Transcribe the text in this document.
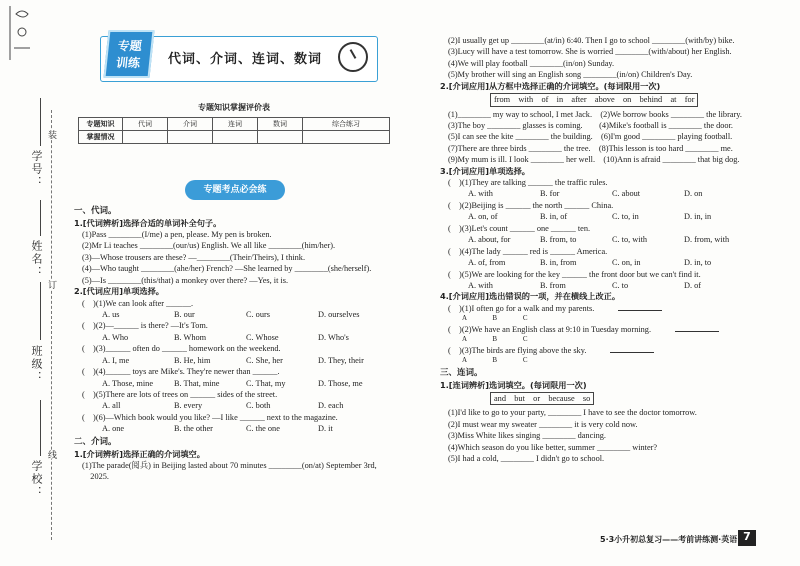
学号：
姓名：
班级：
学校：
装
订
线
专题
训练	代词、介词、连词、数词
专题知识掌握评价表
专题知识	代词	介词	连词	数词	综合练习
掌握情况					
专题考点必会练
一、代词。
1.[代词辨析]选择合适的单词补全句子。
(1)Pass ________(I/me) a pen, please. My pen is broken.
(2)Mr Li teaches ________(our/us) English. We all like ________(him/her).
(3)—Whose trousers are these? —________(Their/Theirs), I think.
(4)—Who taught ________(ahe/her) French? —She learned by ________(she/herself).
(5)—Is ________(this/that) a monkey over there? —Yes, it is.
2.[代词应用]单项选择。
(　)(1)We can look after ______.
A. us	B. our	C. ours	D. ourselves
(　)(2)—______ is there? —It's Tom.
A. Who	B. Whom	C. Whose	D. Who's
(　)(3)______ often do ______ homework on the weekend.
A. I, me	B. He, him	C. She, her	D. They, their
(　)(4)______ toys are Mike's. They're newer than ______.
A. Those, mine	B. That, mine	C. That, my	D. Those, me
(　)(5)There are lots of trees on ______ sides of the street.
A. all	B. every	C. both	D. each
(　)(6)—Which book would you like? —I like ______ next to the magazine.
A. one	B. the other	C. the one	D. it
二、介词。
1.[介词辨析]选择正确的介词填空。
(1)The parade(阅兵) in Beijing lasted about 70 minutes ________(on/at) September 3rd,
　2025.
(2)I usually get up ________(at/in) 6:40. Then I go to school ________(with/by) bike.
(3)Lucy will have a test tomorrow. She is worried ________(with/about) her English.
(4)We will play football ________(in/on) Sunday.
(5)My brother will sing an English song ________(in/on) Children's Day.
2.[介词应用]从方框中选择正确的介词填空。(每词限用一次)
from　with　of　in　after　above　on　behind　at　for
(1)________ my way to school, I met Jack.　(2)We borrow books ________ the library.
(3)The boy ________ glasses is coming.　　(4)Mike's football is ________ the door.
(5)I can see the kite ________ the building.　(6)I'm good ________ playing football.
(7)There are three birds ________ the tree.　(8)This lesson is too hard ________ me.
(9)My mum is ill. I look ________ her well.　(10)Ann is afraid ________ that big dog.
3.[介词应用]单项选择。
(　)(1)They are talking ______ the traffic rules.
A. with	B. for	C. about	D. on
(　)(2)Beijing is ______ the north ______ China.
A. on, of	B. in, of	C. to, in	D. in, in
(　)(3)Let's count ______ one ______ ten.
A. about, for	B. from, to	C. to, with	D. from, with
(　)(4)The lady ______ red is ______ America.
A. of, from	B. in, from	C. on, in	D. in, to
(　)(5)We are looking for the key ______ the front door but we can't find it.
A. with	B. from	C. to	D. of
4.[介词应用]选出错误的一项，并在横线上改正。
(　)(1)I often go for a walk and my parents.
A B C
(　)(2)We have an English class at 9:10 in Tuesday morning.
A B C
(　)(3)The birds are flying above the sky.
A B C
三、连词。
1.[连词辨析]选词填空。(每词限用一次)
and　but　or　because　so
(1)I'd like to go to your party, ________ I have to see the doctor tomorrow.
(2)I must wear my sweater ________ it is very cold now.
(3)Miss White likes singing ________ dancing.
(4)Which season do you like better, summer ________ winter?
(5)I had a cold, ________ I didn't go to school.
5·3小升初总复习——考前讲练测·英语 7
